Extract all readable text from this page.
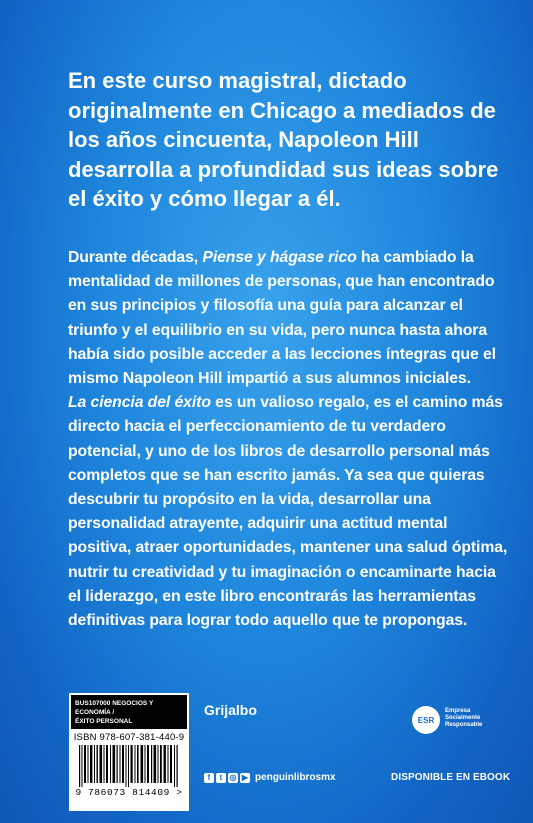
En este curso magistral, dictado originalmente en Chicago a mediados de los años cincuenta, Napoleon Hill desarrolla a profundidad sus ideas sobre el éxito y cómo llegar a él.

Durante décadas, Piense y hágase rico ha cambiado la mentalidad de millones de personas, que han encontrado en sus principios y filosofía una guía para alcanzar el triunfo y el equilibrio en su vida, pero nunca hasta ahora había sido posible acceder a las lecciones íntegras que el mismo Napoleon Hill impartió a sus alumnos iniciales.
La ciencia del éxito es un valioso regalo, es el camino más directo hacia el perfeccionamiento de tu verdadero potencial, y uno de los libros de desarrollo personal más completos que se han escrito jamás. Ya sea que quieras descubrir tu propósito en la vida, desarrollar una personalidad atrayente, adquirir una actitud mental positiva, atraer oportunidades, mantener una salud óptima, nutrir tu creatividad y tu imaginación o encaminarte hacia el liderazgo, en este libro encontrarás las herramientas definitivas para lograr todo aquello que te propongas.

BUS107000 NEGOCIOS Y ECONOMÍA /
ÉXITO PERSONAL
ISBN 978-607-381-440-9
9 786073 814409 >
Grijalbo
ESR
Empresa
Socialmente
Responsable
f	t ◎ ▶ penguinlibrosmx	DISPONIBLE EN EBOOK
